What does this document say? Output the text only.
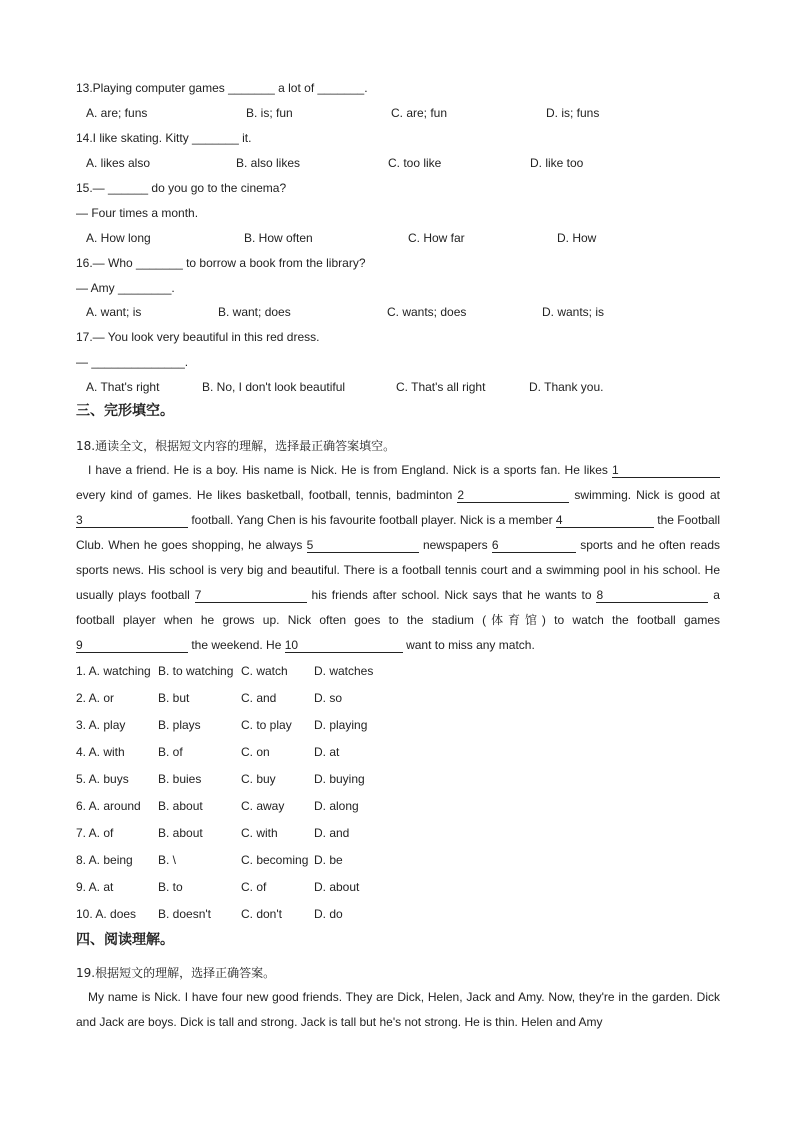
13.Playing computer games _______ a lot of _______.
A. are; funs	B. is; fun	C. are; fun	D. is; funs
14.I like skating. Kitty _______ it.
A. likes also	B. also likes	C. too like	D. like too
15.— ______ do you go to the cinema?
— Four times a month.
A. How long	B. How often	C. How far	D. How
16.— Who _______ to borrow a book from the library?
— Amy ________.
A. want; is	B. want; does	C. wants; does	D. wants; is
17.— You look very beautiful in this red dress.
— ______________.
A. That's right	B. No, I don't look beautiful	C. That's all right	D. Thank you.
三、完形填空。
18.通读全文，根据短文内容的理解，选择最正确答案填空。
I have a friend. He is a boy. His name is Nick. He is from England. Nick is a sports fan. He likes 1 every kind of games. He likes basketball, football, tennis, badminton 2	swimming. Nick is good at 3	football. Yang Chen is his favourite football player. Nick is a member 4	the Football Club. When he goes shopping, he always 5	newspapers 6	sports and he often reads sports news. His school is very big and beautiful. There is a football tennis court and a swimming pool in his school. He usually plays football 7	his friends after school. Nick says that he wants to 8	a football player when he grows up. Nick often goes to the stadium (体育馆) to watch the football games 9	the weekend. He 10	want to miss any match.
1. A. watching B. to watching C. watch D. watches
2. A. or	B. but	C. and	D. so
3. A. play	B. plays	C. to play D. playing
4. A. with	B. of	C. on	D. at
5. A. buys B. buies	C. buy	D. buying
6. A. around B. about	C. away D. along
7. A. of	B. about	C. with	D. and
8. A. being B. \	C. becoming D. be
9. A. at	B. to	C. of	D. about
10. A. does B. doesn't	C. don't	D. do
四、阅读理解。
19.根据短文的理解，选择正确答案。
My name is Nick. I have four new good friends. They are Dick, Helen, Jack and Amy. Now, they're in the garden. Dick and Jack are boys. Dick is tall and strong. Jack is tall but he's not strong. He is thin. Helen and Amy
